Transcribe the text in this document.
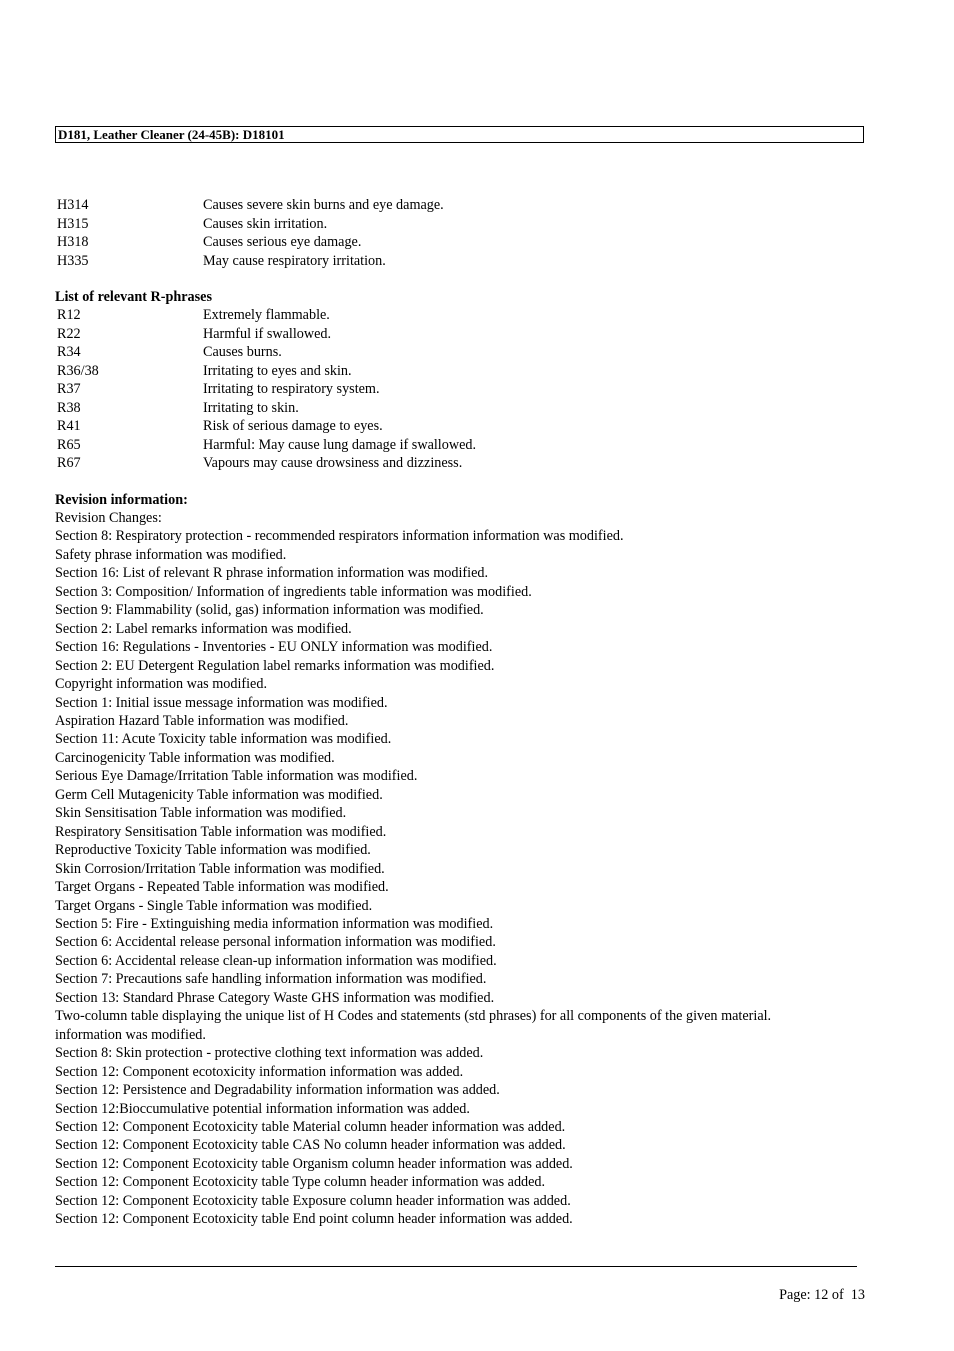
D181, Leather Cleaner (24-45B): D18101
H314	Causes severe skin burns and eye damage.
H315	Causes skin irritation.
H318	Causes serious eye damage.
H335	May cause respiratory irritation.
List of relevant R-phrases
R12	Extremely flammable.
R22	Harmful if swallowed.
R34	Causes burns.
R36/38	Irritating to eyes and skin.
R37	Irritating to respiratory system.
R38	Irritating to skin.
R41	Risk of serious damage to eyes.
R65	Harmful: May cause lung damage if swallowed.
R67	Vapours may cause drowsiness and dizziness.
Revision information:
Revision Changes:
Section 8: Respiratory protection - recommended respirators information information was modified.
Safety phrase information was modified.
Section 16: List of relevant R phrase information information was modified.
Section 3: Composition/ Information of ingredients table information was modified.
Section 9: Flammability (solid, gas) information information was modified.
Section 2: Label remarks information was modified.
Section 16: Regulations - Inventories - EU ONLY information was modified.
Section 2: EU Detergent Regulation label remarks information was modified.
Copyright information was modified.
Section 1: Initial issue message information was modified.
Aspiration Hazard Table information was modified.
Section 11: Acute Toxicity table information was modified.
Carcinogenicity Table information was modified.
Serious Eye Damage/Irritation Table information was modified.
Germ Cell Mutagenicity Table information was modified.
Skin Sensitisation Table information was modified.
Respiratory Sensitisation Table information was modified.
Reproductive Toxicity Table information was modified.
Skin Corrosion/Irritation Table information was modified.
Target Organs - Repeated Table information was modified.
Target Organs - Single Table information was modified.
Section 5: Fire - Extinguishing media information information was modified.
Section 6: Accidental release personal information information was modified.
Section 6: Accidental release clean-up information information was modified.
Section 7: Precautions safe handling information information was modified.
Section 13: Standard Phrase Category Waste GHS information was modified.
Two-column table displaying the unique list of H Codes and statements (std phrases) for all components of the given material. information was modified.
Section 8: Skin protection - protective clothing text information was added.
Section 12: Component ecotoxicity information information was added.
Section 12: Persistence and Degradability information information was added.
Section 12:Bioccumulative potential information information was added.
Section 12: Component Ecotoxicity table Material column header information was added.
Section 12: Component Ecotoxicity table CAS No column header information was added.
Section 12: Component Ecotoxicity table Organism column header information was added.
Section 12: Component Ecotoxicity table Type column header information was added.
Section 12: Component Ecotoxicity table Exposure column header information was added.
Section 12: Component Ecotoxicity table End point column header information was added.
Page: 12 of  13
